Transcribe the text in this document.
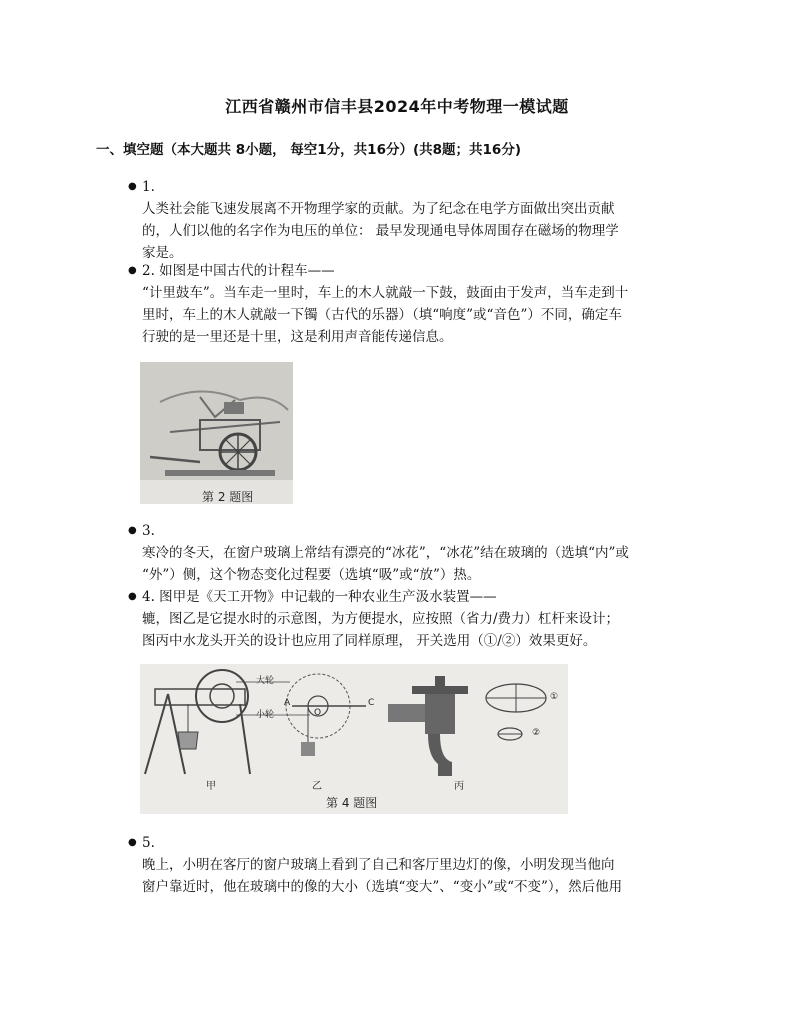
江西省赣州市信丰县2024年中考物理一模试题
一、填空题（本大题共 8小题， 每空1分，共16分）(共8题；共16分)
● 1.
人类社会能飞速发展离不开物理学家的贡献。为了纪念在电学方面做出突出贡献
的，人们以他的名字作为电压的单位： 最早发现通电导体周围存在磁场的物理学
家是。
● 2. 如图是中国古代的计程车——
“计里鼓车”。当车走一里时，车上的木人就敲一下鼓，鼓面由于发声，当车走到十
里时，车上的木人就敲一下镯（古代的乐器）（填“响度”或“音色”）不同，确定车
行驶的是一里还是十里，这是利用声音能传递信息。
第 2 题图
● 3.
寒冷的冬天，在窗户玻璃上常结有漂亮的“冰花”，“冰花”结在玻璃的（选填“内”或
“外”）侧，这个物态变化过程要（选填“吸”或“放”）热。
● 4. 图甲是《天工开物》中记载的一种农业生产汲水装置——
辘，图乙是它提水时的示意图，为方便提水，应按照（省力/费力）杠杆来设计；
图丙中水龙头开关的设计也应用了同样原理， 开关选用（①/②）效果更好。
大轮
小轮
A
O
C
①
②
甲	乙	丙
第 4 题图
● 5.
晚上，小明在客厅的窗户玻璃上看到了自己和客厅里边灯的像，小明发现当他向
窗户靠近时，他在玻璃中的像的大小（选填“变大”、“变小”或“不变”），然后他用
